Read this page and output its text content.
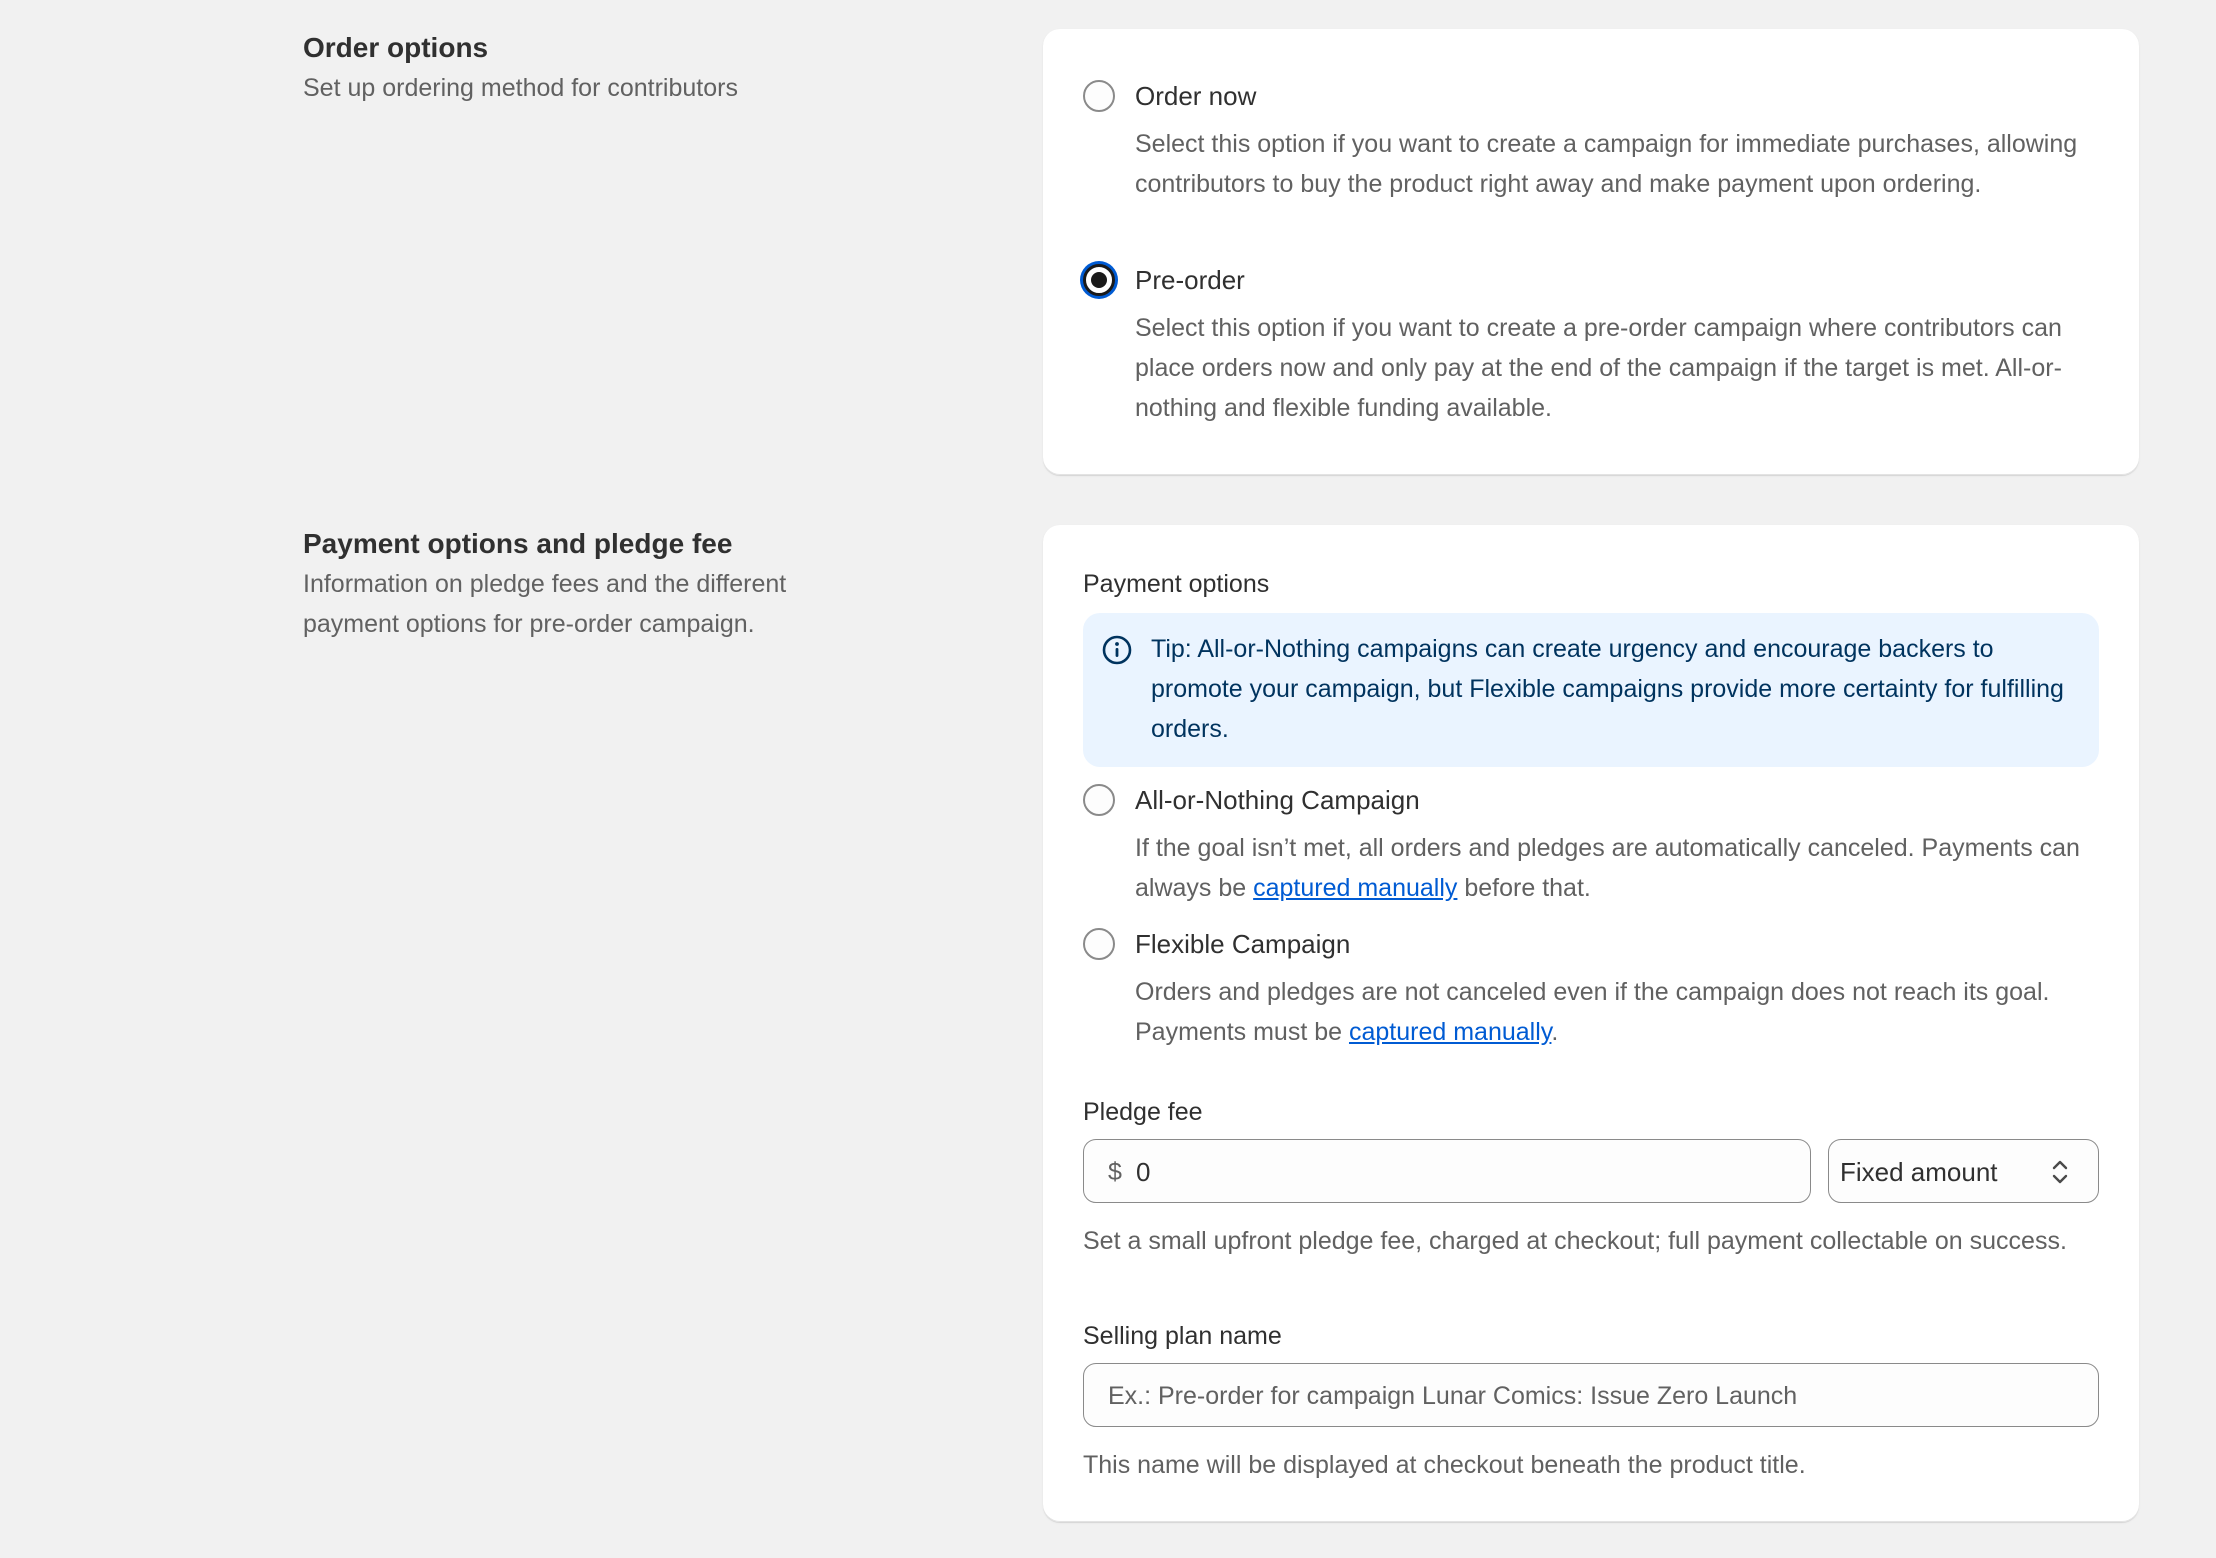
Order options
Set up ordering method for contributors	Order now
Select this option if you want to create a campaign for immediate purchases, allowing contributors to buy the product right away and make payment upon ordering.
Pre-order
Select this option if you want to create a pre-order campaign where contributors can place orders now and only pay at the end of the campaign if the target is met. All-or-nothing and flexible funding available.
Payment options and pledge fee
Information on pledge fees and the different payment options for pre-order campaign.
Payment options
Tip: All-or-Nothing campaigns can create urgency and encourage backers to promote your campaign, but Flexible campaigns provide more certainty for fulfilling orders.
All-or-Nothing Campaign
If the goal isn’t met, all orders and pledges are automatically canceled. Payments can always be captured manually before that.
Flexible Campaign
Orders and pledges are not canceled even if the campaign does not reach its goal. Payments must be captured manually.
Pledge fee
$ 0	Fixed amount
Set a small upfront pledge fee, charged at checkout; full payment collectable on success.
Selling plan name
Ex.: Pre-order for campaign Lunar Comics: Issue Zero Launch
This name will be displayed at checkout beneath the product title.
